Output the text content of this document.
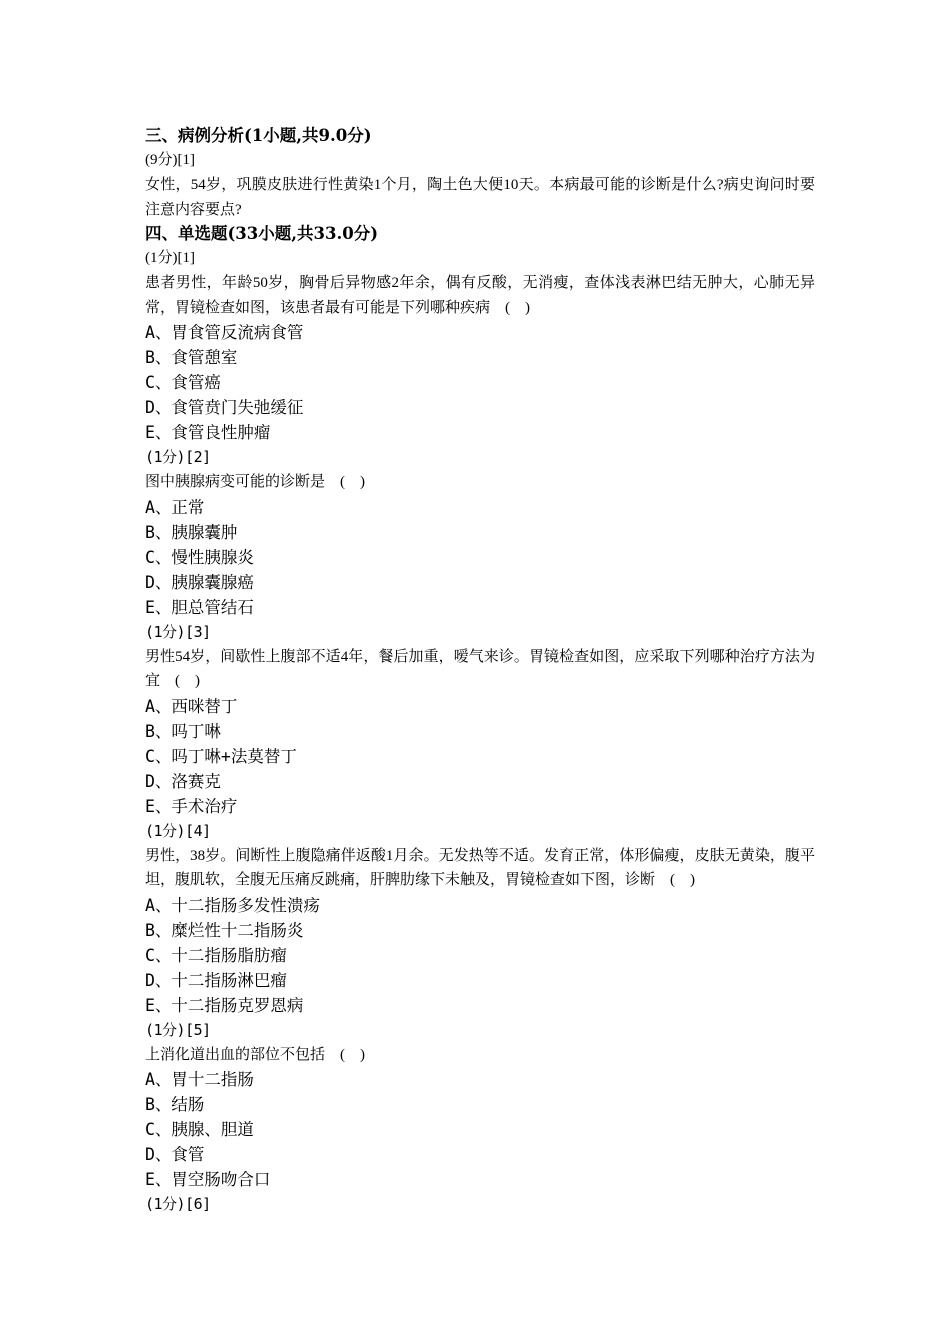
三、病例分析(1小题,共9.0分)
(9分)[1]
女性，54岁，巩膜皮肤进行性黄染1个月，陶土色大便10天。本病最可能的诊断是什么?病史询问时要注意内容要点?
四、单选题(33小题,共33.0分)
(1分)[1]
患者男性，年龄50岁，胸骨后异物感2年余，偶有反酸，无消瘦，查体浅表淋巴结无肿大，心肺无异常，胃镜检查如图，该患者最有可能是下列哪种疾病　(　)
A、胃食管反流病食管
B、食管憩室
C、食管癌
D、食管贲门失弛缓征
E、食管良性肿瘤
(1分)[2]
图中胰腺病变可能的诊断是　(　)
A、正常
B、胰腺囊肿
C、慢性胰腺炎
D、胰腺囊腺癌
E、胆总管结石
(1分)[3]
男性54岁，间歇性上腹部不适4年，餐后加重，嗳气来诊。胃镜检查如图，应采取下列哪种治疗方法为宜　(　)
A、西咪替丁
B、吗丁啉
C、吗丁啉+法莫替丁
D、洛赛克
E、手术治疗
(1分)[4]
男性，38岁。间断性上腹隐痛伴返酸1月余。无发热等不适。发育正常，体形偏瘦，皮肤无黄染，腹平坦，腹肌软，全腹无压痛反跳痛，肝脾肋缘下未触及，胃镜检查如下图，诊断　(　)
A、十二指肠多发性溃疡
B、糜烂性十二指肠炎
C、十二指肠脂肪瘤
D、十二指肠淋巴瘤
E、十二指肠克罗恩病
(1分)[5]
上消化道出血的部位不包括　(　)
A、胃十二指肠
B、结肠
C、胰腺、胆道
D、食管
E、胃空肠吻合口
(1分)[6]
